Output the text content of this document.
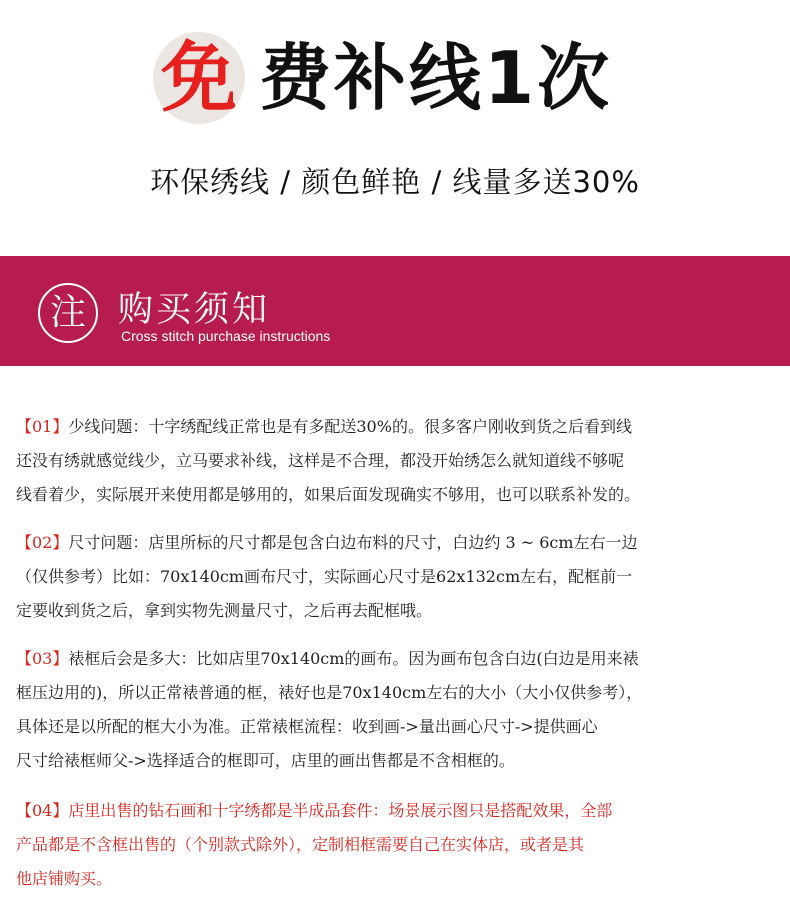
免 费补线1次
环保绣线 / 颜色鲜艳 / 线量多送30%
注 购买须知
Cross stitch purchase instructions
【01】少线问题：十字绣配线正常也是有多配送30%的。很多客户刚收到货之后看到线
还没有绣就感觉线少，立马要求补线，这样是不合理，都没开始绣怎么就知道线不够呢
线看着少，实际展开来使用都是够用的，如果后面发现确实不够用，也可以联系补发的。
【02】尺寸问题：店里所标的尺寸都是包含白边布料的尺寸，白边约 3 ~ 6cm左右一边
（仅供参考）比如：70x140cm画布尺寸，实际画心尺寸是62x132cm左右，配框前一
定要收到货之后，拿到实物先测量尺寸，之后再去配框哦。
【03】裱框后会是多大：比如店里70x140cm的画布。因为画布包含白边(白边是用来裱
框压边用的)，所以正常裱普通的框，裱好也是70x140cm左右的大小（大小仅供参考），
具体还是以所配的框大小为准。正常裱框流程：收到画->量出画心尺寸->提供画心
尺寸给裱框师父->选择适合的框即可，店里的画出售都是不含相框的。
【04】店里出售的钻石画和十字绣都是半成品套件：场景展示图只是搭配效果，全部
产品都是不含框出售的（个别款式除外），定制相框需要自己在实体店，或者是其
他店铺购买。
